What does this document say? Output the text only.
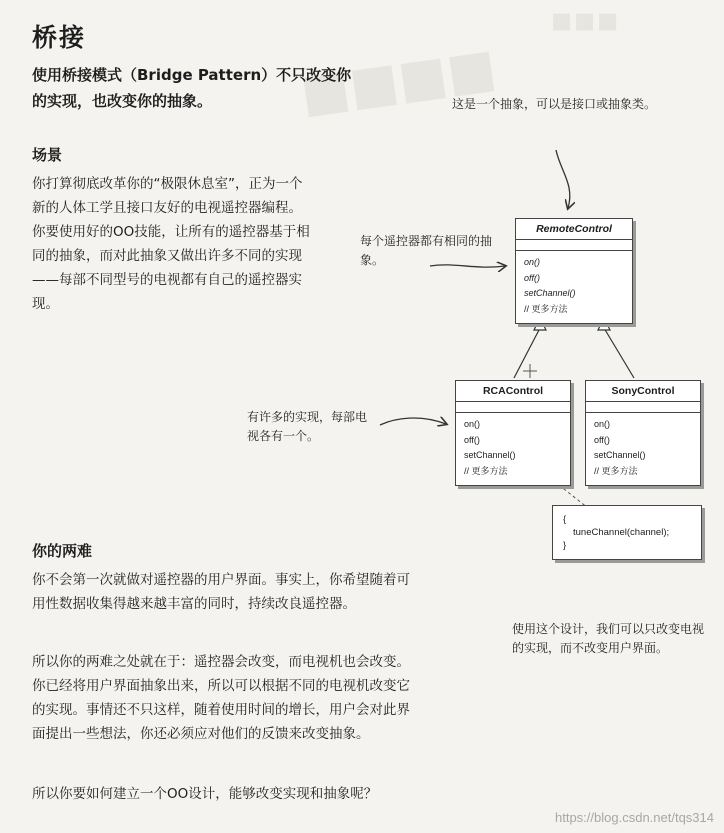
▪▪▪
■■■■
桥接
使用桥接模式（Bridge Pattern）不只改变你的实现，也改变你的抽象。
场景
你打算彻底改革你的“极限休息室”，正为一个新的人体工学且接口友好的电视遥控器编程。你要使用好的OO技能，让所有的遥控器基于相同的抽象，而对此抽象又做出许多不同的实现——每部不同型号的电视都有自己的遥控器实现。
这是一个抽象，可以是接口或抽象类。
每个遥控器都有相同的抽象。
有许多的实现，每部电视各有一个。
使用这个设计，我们可以只改变电视的实现，而不改变用户界面。
RemoteControl
on()
off()
setChannel()
// 更多方法
RCAControl
on()
off()
setChannel()
// 更多方法
SonyControl
on()
off()
setChannel()
// 更多方法
{
tuneChannel(channel);
}
你的两难
你不会第一次就做对遥控器的用户界面。事实上，你希望随着可用性数据收集得越来越丰富的同时，持续改良遥控器。
所以你的两难之处就在于：遥控器会改变，而电视机也会改变。你已经将用户界面抽象出来，所以可以根据不同的电视机改变它的实现。事情还不只这样，随着使用时间的增长，用户会对此界面提出一些想法，你还必须应对他们的反馈来改变抽象。
所以你要如何建立一个OO设计，能够改变实现和抽象呢？
https://blog.csdn.net/tqs314
